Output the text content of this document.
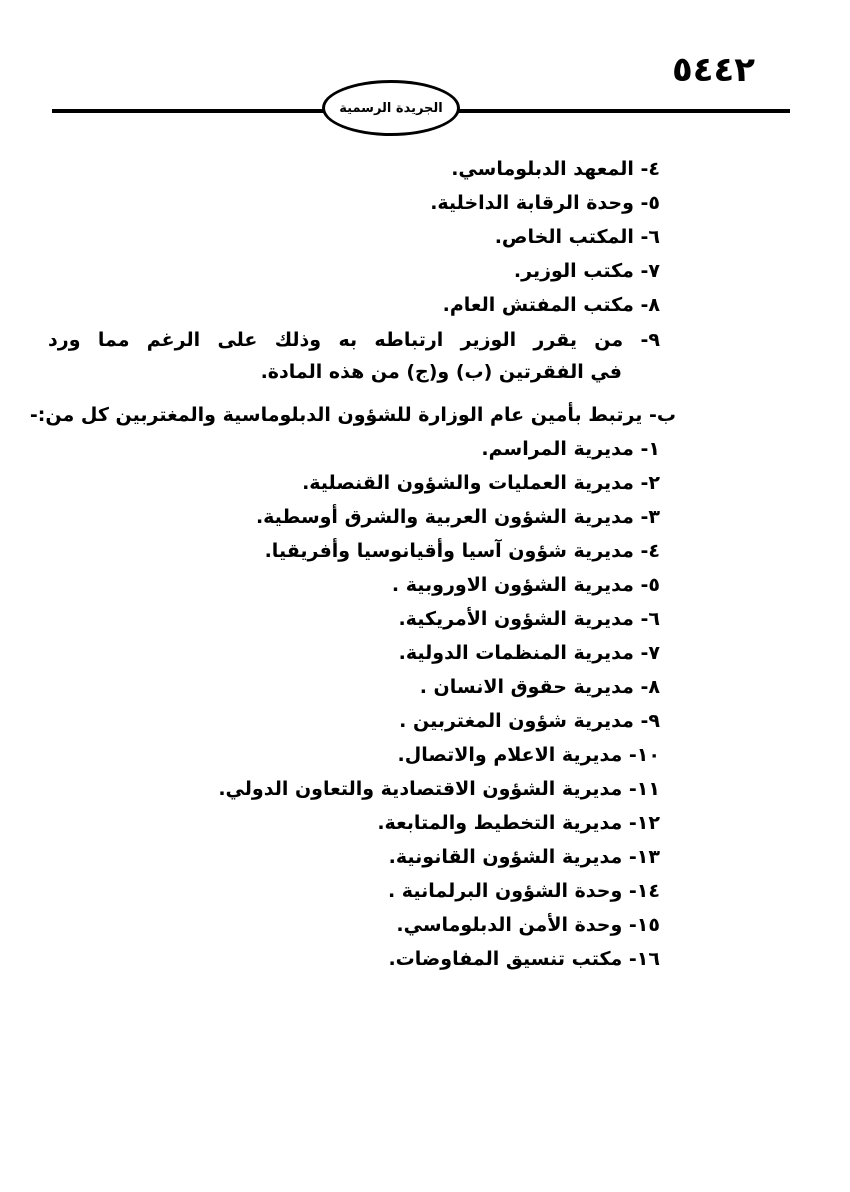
٥٤٤٢
الجريدة الرسمية
٤- المعهد الدبلوماسي.
٥- وحدة الرقابة الداخلية.
٦- المكتب الخاص.
٧- مكتب الوزير.
٨- مكتب المفتش العام.
٩- من يقرر الوزير ارتباطه به وذلك على الرغم مما ورد
في الفقرتين (ب) و(ج) من هذه المادة.
ب- يرتبط بأمين عام الوزارة للشؤون الدبلوماسية والمغتربين كل من:-
١- مديرية المراسم.
٢- مديرية العمليات والشؤون القنصلية.
٣- مديرية الشؤون العربية والشرق أوسطية.
٤- مديرية شؤون آسيا وأقيانوسيا وأفريقيا.
٥- مديرية الشؤون الاوروبية .
٦- مديرية الشؤون الأمريكية.
٧- مديرية المنظمات الدولية.
٨- مديرية حقوق الانسان .
٩- مديرية شؤون المغتربين .
١٠- مديرية الاعلام والاتصال.
١١- مديرية الشؤون الاقتصادية والتعاون الدولي.
١٢- مديرية التخطيط والمتابعة.
١٣- مديرية الشؤون القانونية.
١٤- وحدة الشؤون البرلمانية .
١٥- وحدة الأمن الدبلوماسي.
١٦- مكتب تنسيق المفاوضات.
